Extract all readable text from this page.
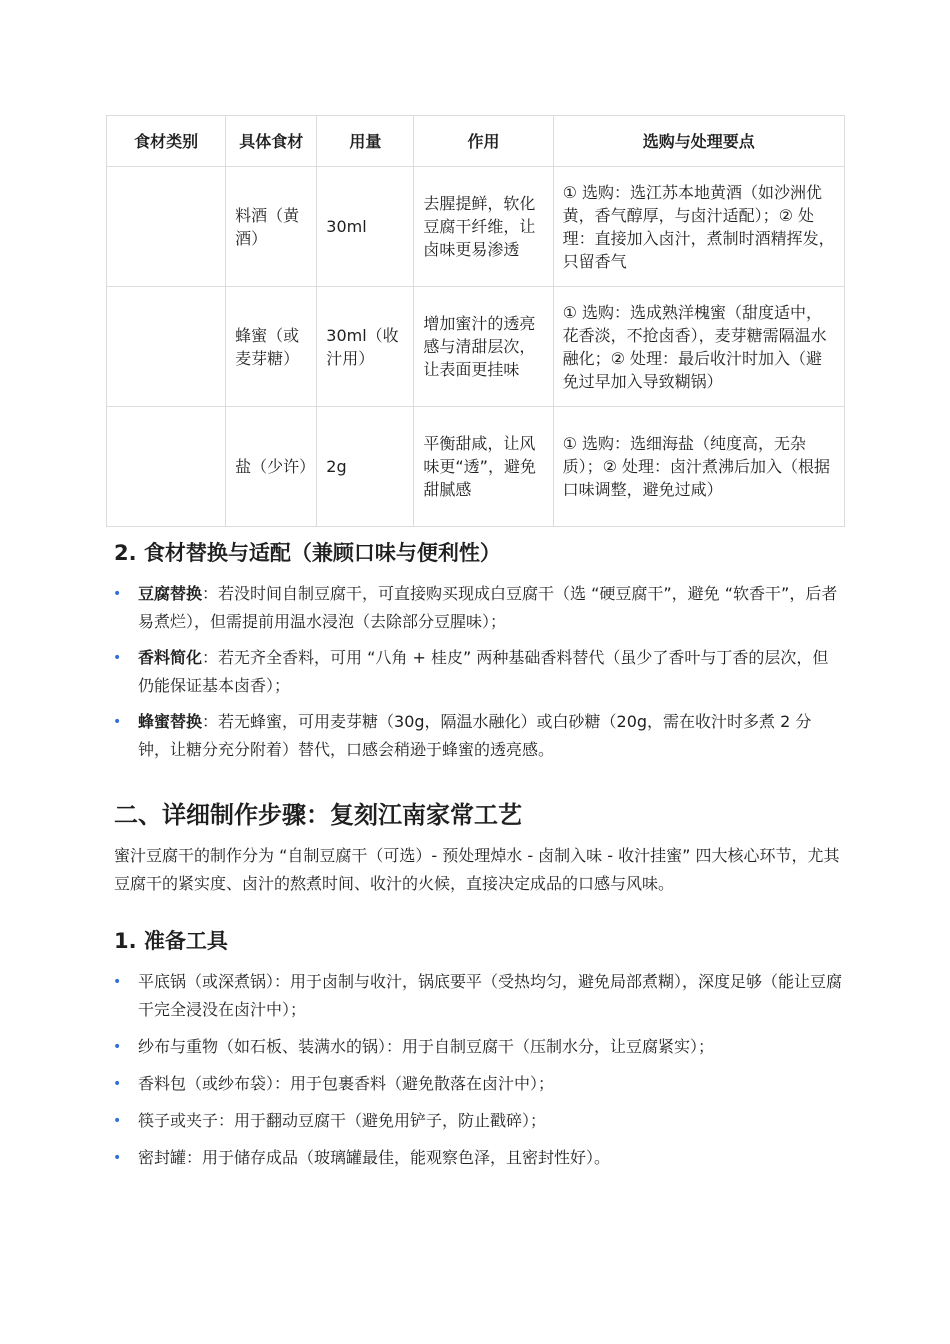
食材类别	具体食材	用量	作用	选购与处理要点
	料酒（黄酒）	30ml	去腥提鲜，软化豆腐干纤维，让卤味更易渗透	① 选购：选江苏本地黄酒（如沙洲优黄，香气醇厚，与卤汁适配）；② 处理：直接加入卤汁，煮制时酒精挥发，只留香气
	蜂蜜（或麦芽糖）	30ml（收汁用）	增加蜜汁的透亮感与清甜层次，让表面更挂味	① 选购：选成熟洋槐蜜（甜度适中，花香淡，不抢卤香），麦芽糖需隔温水融化；② 处理：最后收汁时加入（避免过早加入导致糊锅）
	盐（少许）	2g	平衡甜咸，让风味更“透”，避免甜腻感	① 选购：选细海盐（纯度高，无杂质）；② 处理：卤汁煮沸后加入（根据口味调整，避免过咸）
2. 食材替换与适配（兼顾口味与便利性）
• 豆腐替换：若没时间自制豆腐干，可直接购买现成白豆腐干（选 “硬豆腐干”，避免 “软香干”，后者易煮烂），但需提前用温水浸泡（去除部分豆腥味）；
• 香料简化：若无齐全香料，可用 “八角 + 桂皮” 两种基础香料替代（虽少了香叶与丁香的层次，但仍能保证基本卤香）；
• 蜂蜜替换：若无蜂蜜，可用麦芽糖（30g，隔温水融化）或白砂糖（20g，需在收汁时多煮 2 分钟，让糖分充分附着）替代，口感会稍逊于蜂蜜的透亮感。
二、详细制作步骤：复刻江南家常工艺

蜜汁豆腐干的制作分为 “自制豆腐干（可选）- 预处理焯水 - 卤制入味 - 收汁挂蜜” 四大核心环节，尤其豆腐干的紧实度、卤汁的熬煮时间、收汁的火候，直接决定成品的口感与风味。

1. 准备工具
• 平底锅（或深煮锅）：用于卤制与收汁，锅底要平（受热均匀，避免局部煮糊），深度足够（能让豆腐干完全浸没在卤汁中）；
• 纱布与重物（如石板、装满水的锅）：用于自制豆腐干（压制水分，让豆腐紧实）；
• 香料包（或纱布袋）：用于包裹香料（避免散落在卤汁中）；
• 筷子或夹子：用于翻动豆腐干（避免用铲子，防止戳碎）；
• 密封罐：用于储存成品（玻璃罐最佳，能观察色泽，且密封性好）。
